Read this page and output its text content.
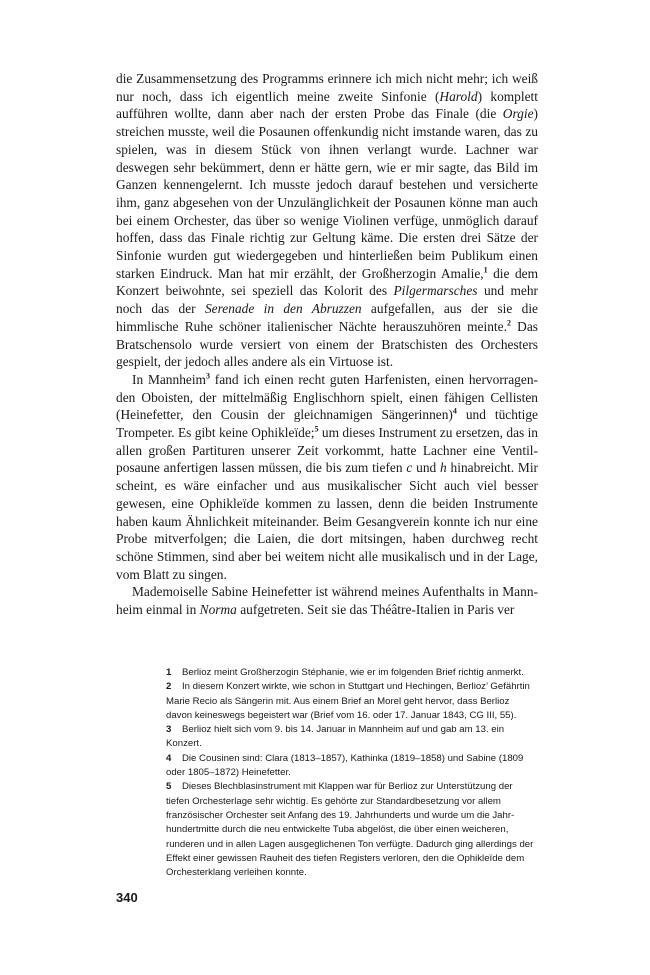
die Zusammensetzung des Programms erinnere ich mich nicht mehr; ich weiß nur noch, dass ich eigentlich meine zweite Sinfonie (Harold) komplett aufführen wollte, dann aber nach der ersten Probe das Finale (die Orgie) streichen musste, weil die Posaunen offenkundig nicht imstande waren, das zu spielen, was in diesem Stück von ihnen verlangt wurde. Lachner war deswegen sehr bekümmert, denn er hätte gern, wie er mir sagte, das Bild im Ganzen kennengelernt. Ich musste jedoch darauf bestehen und versicherte ihm, ganz abgesehen von der Unzulänglichkeit der Posaunen könne man auch bei einem Orchester, das über so wenige Violinen verfüge, unmöglich darauf hoffen, dass das Finale richtig zur Geltung käme. Die ersten drei Sätze der Sinfonie wurden gut wiedergegeben und hinterließen beim Publikum einen starken Eindruck. Man hat mir erzählt, der Großherzogin Amalie,$^1$ die dem Konzert beiwohnte, sei speziell das Kolorit des Pilgermarsches und mehr noch das der Serenade in den Abruzzen aufgefallen, aus der sie die himmlische Ruhe schöner italienischer Nächte herauszuhören meinte.$^2$ Das Bratschensolo wurde versiert von einem der Bratschisten des Orchesters gespielt, der jedoch alles andere als ein Virtuose ist.

In Mannheim$^3$ fand ich einen recht guten Harfenisten, einen hervorragenden Oboisten, der mittelmäßig Englischhorn spielt, einen fähigen Cellisten (Heinefetter, den Cousin der gleichnamigen Sängerinnen)$^4$ und tüchtige Trompeter. Es gibt keine Ophikleïde;$^5$ um dieses Instrument zu ersetzen, das in allen großen Partituren unserer Zeit vorkommt, hatte Lachner eine Ventilposaune anfertigen lassen müssen, die bis zum tiefen c und h hinabreicht. Mir scheint, es wäre einfacher und aus musikalischer Sicht auch viel besser gewesen, eine Ophikleïde kommen zu lassen, denn die beiden Instrumente haben kaum Ähnlichkeit miteinander. Beim Gesangverein konnte ich nur eine Probe mitverfolgen; die Laien, die dort mitsingen, haben durchweg recht schöne Stimmen, sind aber bei weitem nicht alle musikalisch und in der Lage, vom Blatt zu singen.

Mademoiselle Sabine Heinefetter ist während meines Aufenthalts in Mannheim einmal in Norma aufgetreten. Seit sie das Théâtre-Italien in Paris ver

1 Berlioz meint Großherzogin Stéphanie, wie er im folgenden Brief richtig anmerkt.

2 In diesem Konzert wirkte, wie schon in Stuttgart und Hechingen, Berlioz’ Gefährtin Marie Recio als Sängerin mit. Aus einem Brief an Morel geht hervor, dass Berlioz davon keineswegs begeistert war (Brief vom 16. oder 17. Januar 1843, CG III, 55).

3 Berlioz hielt sich vom 9. bis 14. Januar in Mannheim auf und gab am 13. ein Konzert.

4 Die Cousinen sind: Clara (1813–1857), Kathinka (1819–1858) und Sabine (1809 oder 1805–1872) Heinefetter.

5 Dieses Blechblasinstrument mit Klappen war für Berlioz zur Unterstützung der tiefen Orchesterlage sehr wichtig. Es gehörte zur Standardbesetzung vor allem französischer Orchester seit Anfang des 19. Jahrhunderts und wurde um die Jahrhundertmitte durch die neu entwickelte Tuba abgelöst, die über einen weicheren, runderen und in allen Lagen ausgeglichenen Ton verfügte. Dadurch ging allerdings der Effekt einer gewissen Rauheit des tiefen Registers verloren, den die Ophikleïde dem Orchesterklang verleihen konnte.

340
